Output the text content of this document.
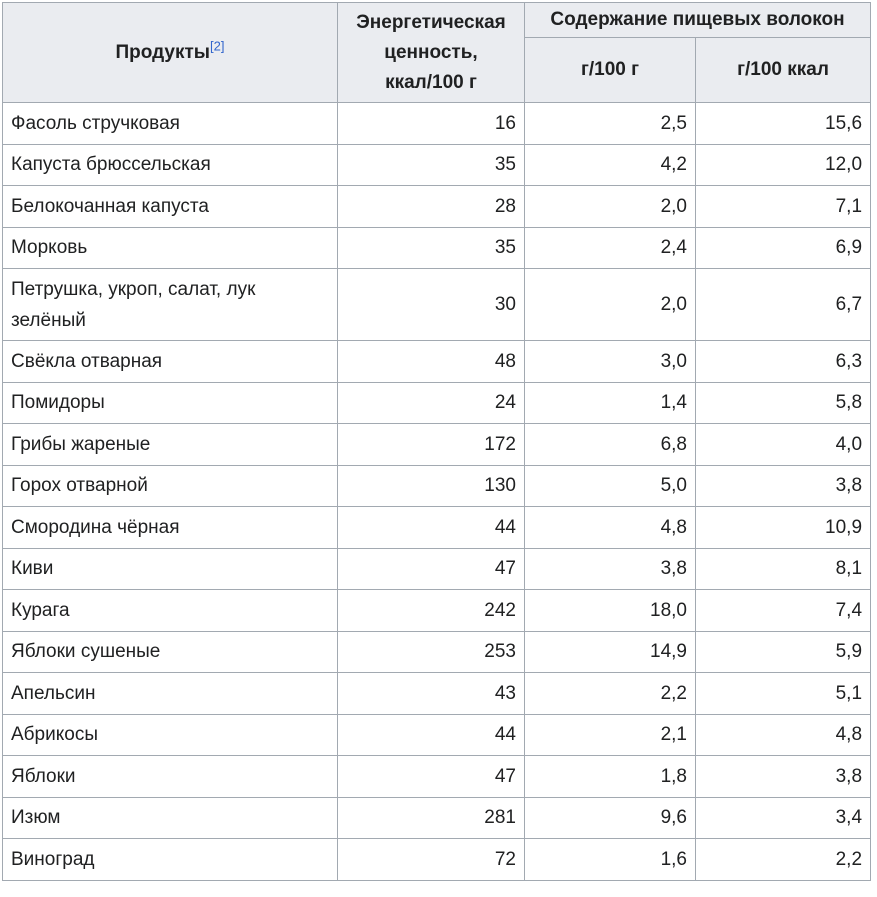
Продукты[2]	Энергетическая ценность, ккал/100 г	Содержание пищевых волокон	
		г/100 г	г/100 ккал
Фасоль стручковая	16	2,5	15,6
Капуста брюссельская	35	4,2	12,0
Белокочанная капуста	28	2,0	7,1
Морковь	35	2,4	6,9
Петрушка, укроп, салат, лук зелёный	30	2,0	6,7
Свёкла отварная	48	3,0	6,3
Помидоры	24	1,4	5,8
Грибы жареные	172	6,8	4,0
Горох отварной	130	5,0	3,8
Смородина чёрная	44	4,8	10,9
Киви	47	3,8	8,1
Курага	242	18,0	7,4
Яблоки сушеные	253	14,9	5,9
Апельсин	43	2,2	5,1
Абрикосы	44	2,1	4,8
Яблоки	47	1,8	3,8
Изюм	281	9,6	3,4
Виноград	72	1,6	2,2
